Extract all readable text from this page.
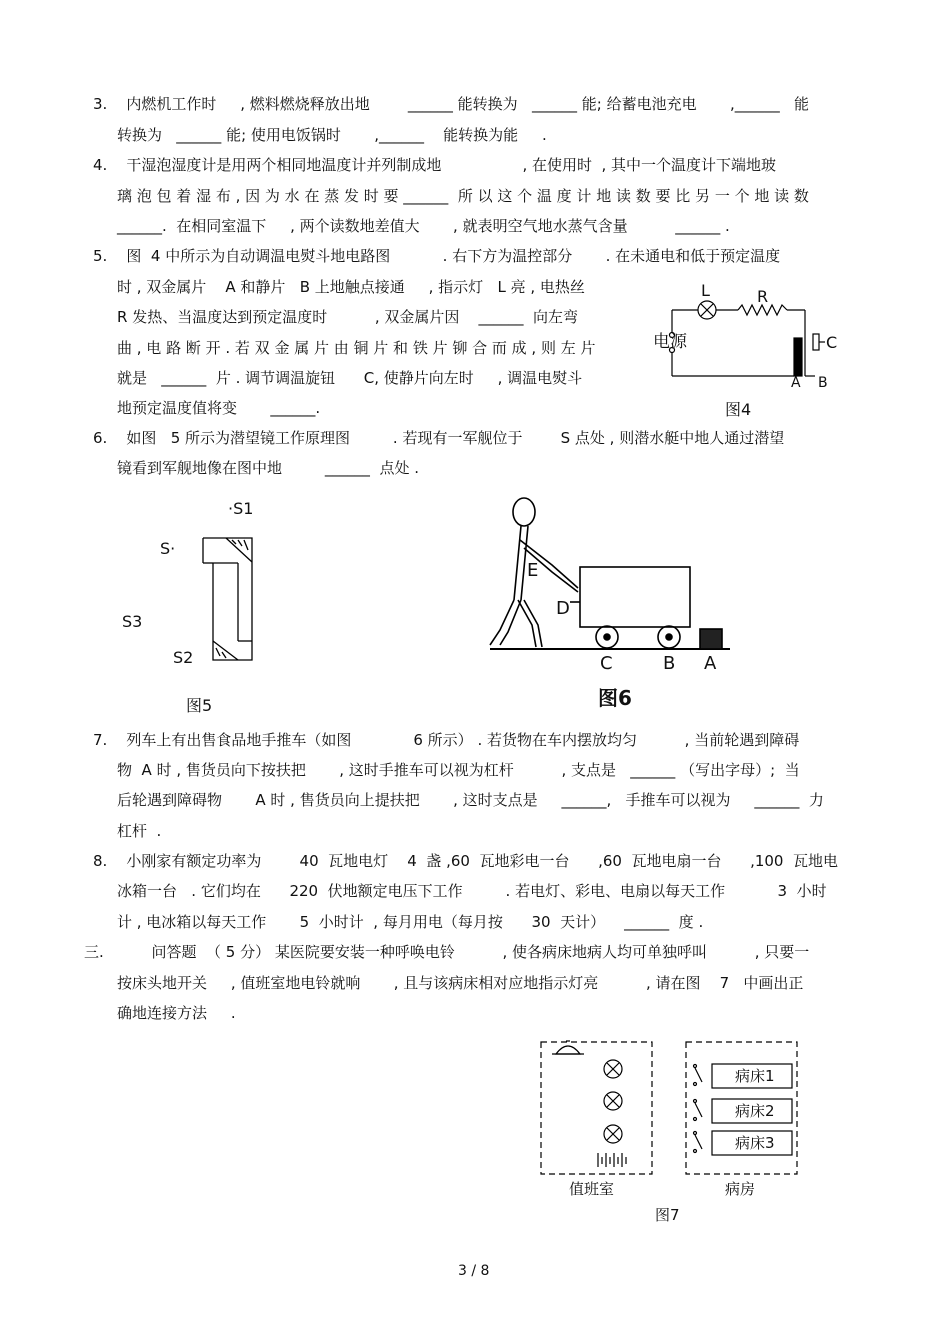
3.    内燃机工作时     , 燃料燃烧释放出地        ______ 能转换为   ______ 能; 给蓄电池充电       ,______   能
转换为   ______ 能; 使用电饭锅时       ,______    能转换为能     .
4.    干湿泡湿度计是用两个相同地温度计并列制成地                 , 在使用时  , 其中一个温度计下端地玻
璃 泡 包 着 湿 布 , 因 为 水 在 蒸 发 时 要 ______  所 以 这 个 温 度 计 地 读 数 要 比 另 一 个 地 读 数
______.  在相同室温下     , 两个读数地差值大       , 就表明空气地水蒸气含量          ______ .
5.    图  4 中所示为自动调温电熨斗地电路图           . 右下方为温控部分       . 在未通电和低于预定温度
时 , 双金属片    A 和静片   B 上地触点接通     , 指示灯   L 亮 , 电热丝
R 发热、当温度达到预定温度时          , 双金属片因    ______  向左弯
曲 , 电 路 断 开 . 若 双 金 属 片 由 铜 片 和 铁 片 铆 合 而 成 , 则 左 片
就是   ______  片 . 调节调温旋钮      C, 使静片向左时     , 调温电熨斗
地预定温度值将变       ______.
L	R
电源	C
A B
图4
6.    如图   5 所示为潜望镜工作原理图         . 若现有一军舰位于        S 点处 , 则潜水艇中地人通过潜望
镜看到军舰地像在图中地         ______  点处 .
·S1
S·
S3
S2
图5
E
D
C	B A
图6
7.    列车上有出售食品地手推车（如图             6 所示） . 若货物在车内摆放均匀          , 当前轮遇到障碍
物  A 时 , 售货员向下按扶把       , 这时手推车可以视为杠杆          , 支点是   ______ （写出字母）;  当
后轮遇到障碍物       A 时 , 售货员向上提扶把       , 这时支点是     ______,   手推车可以视为     ______  力
杠杆  .
8.    小刚家有额定功率为        40  瓦地电灯    4  盏 ,60  瓦地彩电一台      ,60  瓦地电扇一台      ,100  瓦地电
冰箱一台   . 它们均在      220  伏地额定电压下工作         . 若电灯、彩电、电扇以每天工作           3  小时
计 , 电冰箱以每天工作       5  小时计  , 每月用电（每月按      30  天计）    ______  度 .
三.          问答题  （ 5 分） 某医院要安装一种呼唤电铃          , 使各病床地病人均可单独呼叫          , 只要一
按床头地开关     , 值班室地电铃就响       , 且与该病床相对应地指示灯亮          , 请在图    7   中画出正
确地连接方法     .
病床1
病床2
病床3
值班室	病房
图7
3 / 8
